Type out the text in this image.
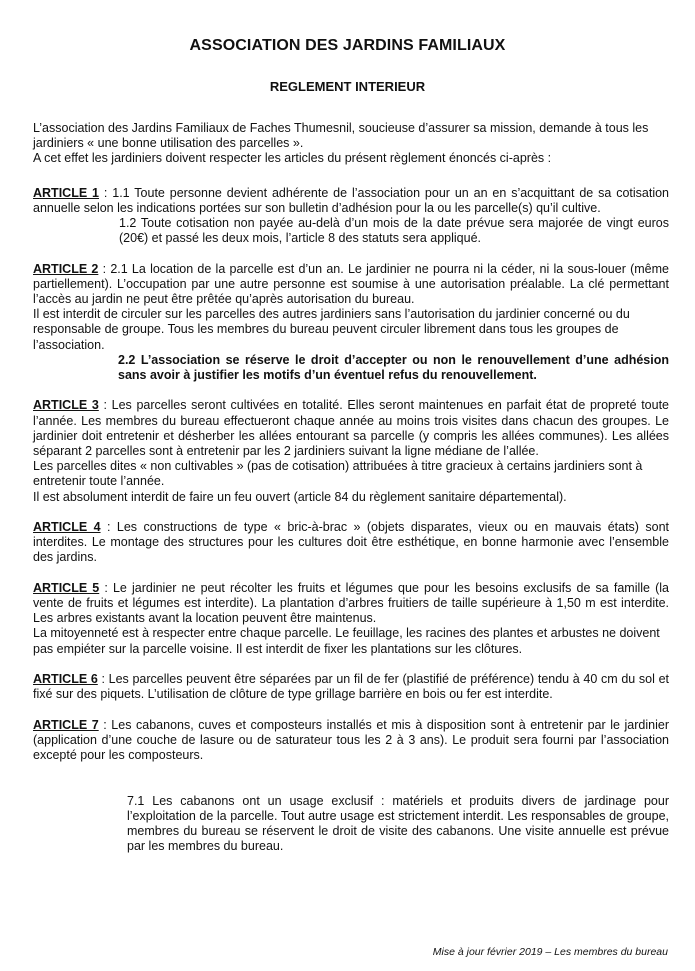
ASSOCIATION DES JARDINS FAMILIAUX
REGLEMENT INTERIEUR

L’association des Jardins Familiaux de Faches Thumesnil, soucieuse d’assurer sa mission, demande à tous les jardiniers « une bonne utilisation des parcelles ».

A cet effet les jardiniers doivent respecter les articles du présent règlement énoncés ci-après :

ARTICLE 1 : 1.1 Toute personne devient adhérente de l’association pour un an en s’acquittant de sa cotisation annuelle selon les indications portées sur son bulletin d’adhésion pour la ou les parcelle(s) qu’il cultive.

1.2 Toute cotisation non payée au-delà d’un mois de la date prévue sera majorée de vingt euros (20€) et passé les deux mois, l’article 8 des statuts sera appliqué.

ARTICLE 2 : 2.1 La location de la parcelle est d’un an. Le jardinier ne pourra ni la céder, ni la sous-louer (même partiellement). L’occupation par une autre personne est soumise à une autorisation préalable. La clé permettant l’accès au jardin ne peut être prêtée qu’après autorisation du bureau.

Il est interdit de circuler sur les parcelles des autres jardiniers sans l’autorisation du jardinier concerné ou du responsable de groupe. Tous les membres du bureau peuvent circuler librement dans tous les groupes de l’association.

2.2 L’association se réserve le droit d’accepter ou non le renouvellement d’une adhésion sans avoir à justifier les motifs d’un éventuel refus du renouvellement.

ARTICLE 3 : Les parcelles seront cultivées en totalité. Elles seront maintenues en parfait état de propreté toute l’année. Les membres du bureau effectueront chaque année au moins trois visites dans chacun des groupes. Le jardinier doit entretenir et désherber les allées entourant sa parcelle (y compris les allées communes). Les allées séparant 2 parcelles sont à entretenir par les 2 jardiniers suivant la ligne médiane de l’allée.

Les parcelles dites « non cultivables » (pas de cotisation) attribuées à titre gracieux à certains jardiniers sont à entretenir toute l’année.

Il est absolument interdit de faire un feu ouvert (article 84 du règlement sanitaire départemental).

ARTICLE 4 : Les constructions de type « bric-à-brac » (objets disparates, vieux ou en mauvais états) sont interdites. Le montage des structures pour les cultures doit être esthétique, en bonne harmonie avec l’ensemble des jardins.

ARTICLE 5 : Le jardinier ne peut récolter les fruits et légumes que pour les besoins exclusifs de sa famille (la vente de fruits et légumes est interdite). La plantation d’arbres fruitiers de taille supérieure à 1,50 m est interdite. Les arbres existants avant la location peuvent être maintenus.

La mitoyenneté est à respecter entre chaque parcelle. Le feuillage, les racines des plantes et arbustes ne doivent pas empiéter sur la parcelle voisine. Il est interdit de fixer les plantations sur les clôtures.

ARTICLE 6 : Les parcelles peuvent être séparées par un fil de fer (plastifié de préférence) tendu à 40 cm du sol et fixé sur des piquets. L’utilisation de clôture de type grillage barrière en bois ou fer est interdite.

ARTICLE 7 : Les cabanons, cuves et composteurs installés et mis à disposition sont à entretenir par le jardinier (application d’une couche de lasure ou de saturateur tous les 2 à 3 ans). Le produit sera fourni par l’association excepté pour les composteurs.

7.1 Les cabanons ont un usage exclusif : matériels et produits divers de jardinage pour l’exploitation de la parcelle. Tout autre usage est strictement interdit. Les responsables de groupe, membres du bureau se réservent le droit de visite des cabanons. Une visite annuelle est prévue par les membres du bureau.

Mise à jour février 2019 – Les membres du bureau
